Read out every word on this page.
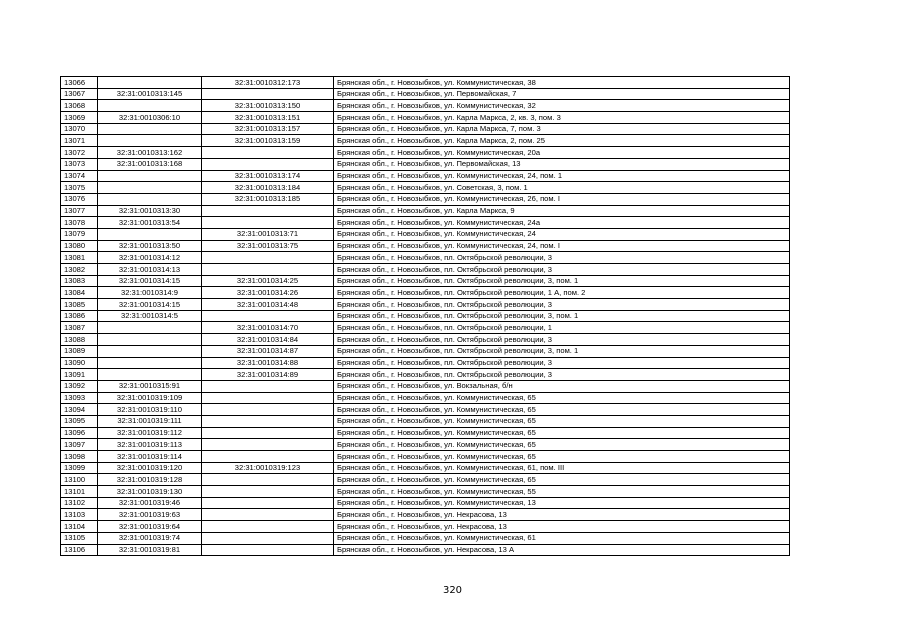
13066		32:31:0010312:173	Брянская обл., г. Новозыбков, ул. Коммунистическая, 38
13067	32:31:0010313:145		Брянская обл., г. Новозыбков, ул. Первомайская, 7
13068		32:31:0010313:150	Брянская обл., г. Новозыбков, ул. Коммунистическая, 32
13069	32:31:0010306:10	32:31:0010313:151	Брянская обл., г. Новозыбков, ул. Карла Маркса, 2, кв. 3, пом. 3
13070		32:31:0010313:157	Брянская обл., г. Новозыбков, ул. Карла Маркса, 7, пом. 3
13071		32:31:0010313:159	Брянская обл., г. Новозыбков, ул. Карла Маркса, 2, пом. 25
13072	32:31:0010313:162		Брянская обл., г. Новозыбков, ул. Коммунистическая, 20а
13073	32:31:0010313:168		Брянская обл., г. Новозыбков, ул. Первомайская, 13
13074		32:31:0010313:174	Брянская обл., г. Новозыбков, ул. Коммунистическая, 24, пом. 1
13075		32:31:0010313:184	Брянская обл., г. Новозыбков, ул. Советская, 3, пом. 1
13076		32:31:0010313:185	Брянская обл., г. Новозыбков, ул. Коммунистическая, 26, пом. I
13077	32:31:0010313:30		Брянская обл., г. Новозыбков, ул. Карла Маркса, 9
13078	32:31:0010313:54		Брянская обл., г. Новозыбков, ул. Коммунистическая, 24а
13079		32:31:0010313:71	Брянская обл., г. Новозыбков, ул. Коммунистическая, 24
13080	32:31:0010313:50	32:31:0010313:75	Брянская обл., г. Новозыбков, ул. Коммунистическая, 24, пом. I
13081	32:31:0010314:12		Брянская обл., г. Новозыбков, пл. Октябрьской революции, 3
13082	32:31:0010314:13		Брянская обл., г. Новозыбков, пл. Октябрьской революции, 3
13083	32:31:0010314:15	32:31:0010314:25	Брянская обл., г. Новозыбков, пл. Октябрьской революции, 3, пом. 1
13084	32:31:0010314:9	32:31:0010314:26	Брянская обл., г. Новозыбков, пл. Октябрьской революции, 1 А, пом. 2
13085	32:31:0010314:15	32:31:0010314:48	Брянская обл., г. Новозыбков, пл. Октябрьской революции, 3
13086	32:31:0010314:5		Брянская обл., г. Новозыбков, пл. Октябрьской революции, 3, пом. 1
13087		32:31:0010314:70	Брянская обл., г. Новозыбков, пл. Октябрьской революции, 1
13088		32:31:0010314:84	Брянская обл., г. Новозыбков, пл. Октябрьской революции, 3
13089		32:31:0010314:87	Брянская обл., г. Новозыбков, пл. Октябрьской революции, 3, пом. 1
13090		32:31:0010314:88	Брянская обл., г. Новозыбков, пл. Октябрьской революции, 3
13091		32:31:0010314:89	Брянская обл., г. Новозыбков, пл. Октябрьской революции, 3
13092	32:31:0010315:91		Брянская обл., г. Новозыбков, ул. Вокзальная, б/н
13093	32:31:0010319:109		Брянская обл., г. Новозыбков, ул. Коммунистическая, 65
13094	32:31:0010319:110		Брянская обл., г. Новозыбков, ул. Коммунистическая, 65
13095	32:31:0010319:111		Брянская обл., г. Новозыбков, ул. Коммунистическая, 65
13096	32:31:0010319:112		Брянская обл., г. Новозыбков, ул. Коммунистическая, 65
13097	32:31:0010319:113		Брянская обл., г. Новозыбков, ул. Коммунистическая, 65
13098	32:31:0010319:114		Брянская обл., г. Новозыбков, ул. Коммунистическая, 65
13099	32:31:0010319:120	32:31:0010319:123	Брянская обл., г. Новозыбков, ул. Коммунистическая, 61, пом. III
13100	32:31:0010319:128		Брянская обл., г. Новозыбков, ул. Коммунистическая, 65
13101	32:31:0010319:130		Брянская обл., г. Новозыбков, ул. Коммунистическая, 55
13102	32:31:0010319:46		Брянская обл., г. Новозыбков, ул. Коммунистическая, 13
13103	32:31:0010319:63		Брянская обл., г. Новозыбков, ул. Некрасова, 13
13104	32:31:0010319:64		Брянская обл., г. Новозыбков, ул. Некрасова, 13
13105	32:31:0010319:74		Брянская обл., г. Новозыбков, ул. Коммунистическая, 61
13106	32:31:0010319:81		Брянская обл., г. Новозыбков, ул. Некрасова, 13 А
320
